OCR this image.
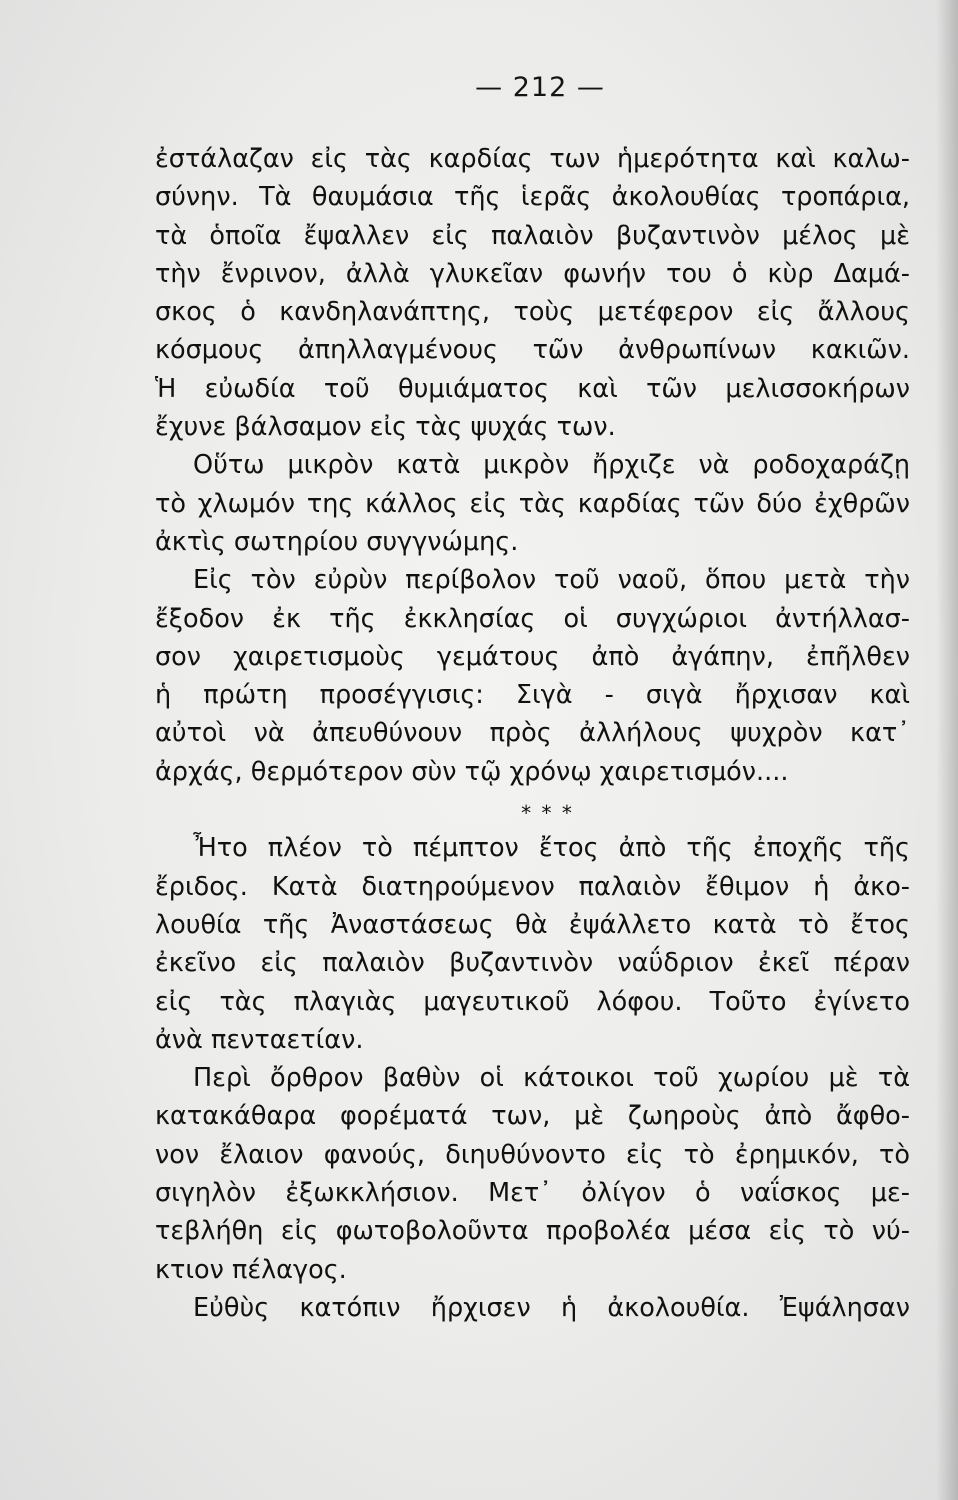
— 212 —
ἐστάλαζαν εἰς τὰς καρδίας των ἡμερότητα καὶ καλω-
σύνην. Τὰ θαυμάσια τῆς ἱερᾶς ἀκολουθίας τροπάρια,
τὰ ὁποῖα ἔψαλλεν εἰς παλαιὸν βυζαντινὸν μέλος μὲ
τὴν ἔνρινον, ἀλλὰ γλυκεῖαν φωνήν του ὁ κὺρ Δαμά-
σκος ὁ κανδηλανάπτης, τοὺς μετέφερον εἰς ἄλλους
κόσμους ἀπηλλαγμένους τῶν ἀνθρωπίνων κακιῶν.
Ἡ εὐωδία τοῦ θυμιάματος καὶ τῶν μελισσοκήρων
ἔχυνε βάλσαμον εἰς τὰς ψυχάς των.
Οὕτω μικρὸν κατὰ μικρὸν ἤρχιζε νὰ ροδοχαράζῃ
τὸ χλωμόν της κάλλος εἰς τὰς καρδίας τῶν δύο ἐχθρῶν
ἀκτὶς σωτηρίου συγγνώμης.
Εἰς τὸν εὐρὺν περίβολον τοῦ ναοῦ, ὅπου μετὰ τὴν
ἔξοδον ἐκ τῆς ἐκκλησίας οἱ συγχώριοι ἀντήλλασ-
σον χαιρετισμοὺς γεμάτους ἀπὸ ἀγάπην, ἐπῆλθεν
ἡ πρώτη προσέγγισις: Σιγὰ - σιγὰ ἤρχισαν καὶ
αὐτοὶ νὰ ἀπευθύνουν πρὸς ἀλλήλους ψυχρὸν κατ᾽
ἀρχάς, θερμότερον σὺν τῷ χρόνῳ χαιρετισμόν....
* * *
Ἦτο πλέον τὸ πέμπτον ἔτος ἀπὸ τῆς ἐποχῆς τῆς
ἔριδος. Κατὰ διατηρούμενον παλαιὸν ἔθιμον ἡ ἀκο-
λουθία τῆς Ἀναστάσεως θὰ ἐψάλλετο κατὰ τὸ ἔτος
ἐκεῖνο εἰς παλαιὸν βυζαντινὸν ναΰδριον ἐκεῖ πέραν
εἰς τὰς πλαγιὰς μαγευτικοῦ λόφου. Τοῦτο ἐγίνετο
ἀνὰ πενταετίαν.
Περὶ ὄρθρον βαθὺν οἱ κάτοικοι τοῦ χωρίου μὲ τὰ
κατακάθαρα φορέματά των, μὲ ζωηροὺς ἀπὸ ἄφθο-
νον ἔλαιον φανούς, διηυθύνοντο εἰς τὸ ἐρημικόν, τὸ
σιγηλὸν ἐξωκκλήσιον. Μετ᾽ ὀλίγον ὁ ναΐσκος με-
τεβλήθη εἰς φωτοβολοῦντα προβολέα μέσα εἰς τὸ νύ-
κτιον πέλαγος.
Εὐθὺς κατόπιν ἤρχισεν ἡ ἀκολουθία. Ἐψάλησαν
